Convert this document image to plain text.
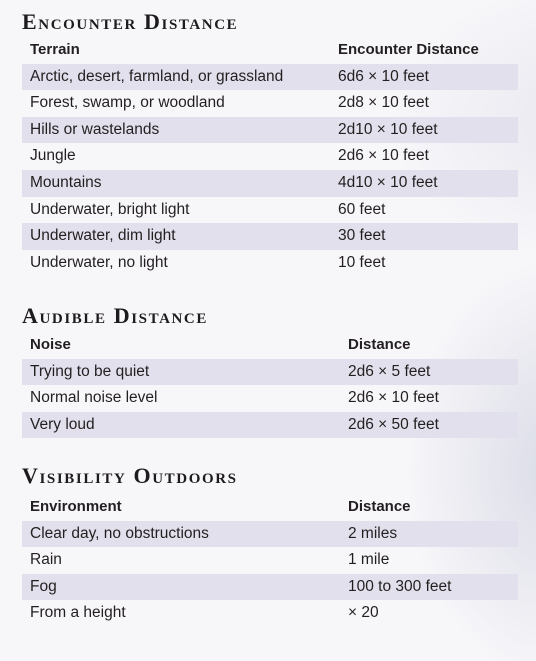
Encounter Distance
Terrain	Encounter Distance
Arctic, desert, farmland, or grassland	6d6 × 10 feet
Forest, swamp, or woodland	2d8 × 10 feet
Hills or wastelands	2d10 × 10 feet
Jungle	2d6 × 10 feet
Mountains	4d10 × 10 feet
Underwater, bright light	60 feet
Underwater, dim light	30 feet
Underwater, no light	10 feet
Audible Distance
Noise	Distance
Trying to be quiet	2d6 × 5 feet
Normal noise level	2d6 × 10 feet
Very loud	2d6 × 50 feet
Visibility Outdoors
Environment	Distance
Clear day, no obstructions	2 miles
Rain	1 mile
Fog	100 to 300 feet
From a height	× 20
